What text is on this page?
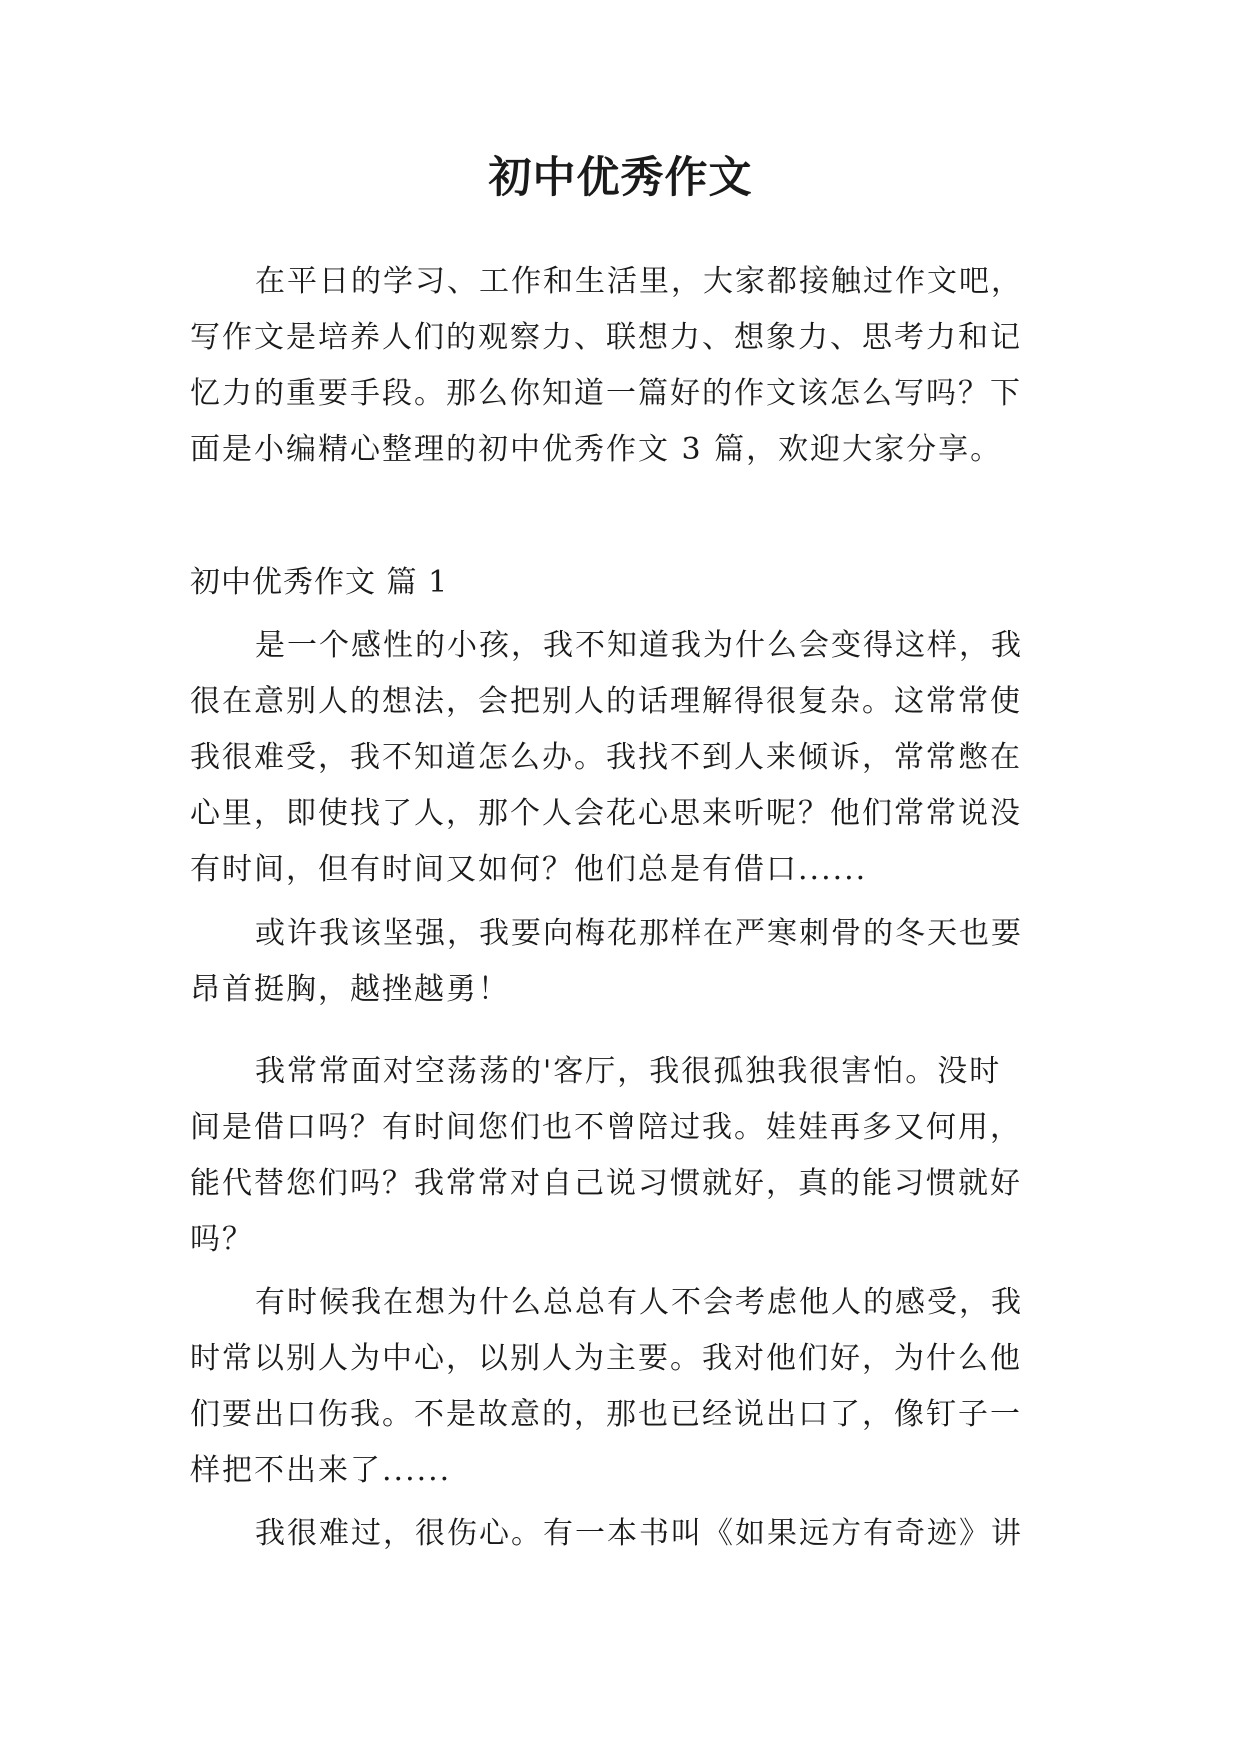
初中优秀作文
在平日的学习、工作和生活里，大家都接触过作文吧，
写作文是培养人们的观察力、联想力、想象力、思考力和记
忆力的重要手段。那么你知道一篇好的作文该怎么写吗？下
面是小编精心整理的初中优秀作文 3 篇，欢迎大家分享。
初中优秀作文 篇 1
是一个感性的小孩，我不知道我为什么会变得这样，我
很在意别人的想法，会把别人的话理解得很复杂。这常常使
我很难受，我不知道怎么办。我找不到人来倾诉，常常憋在
心里，即使找了人，那个人会花心思来听呢？他们常常说没
有时间，但有时间又如何？他们总是有借口......
或许我该坚强，我要向梅花那样在严寒刺骨的冬天也要
昂首挺胸，越挫越勇！
我常常面对空荡荡的'客厅，我很孤独我很害怕。没时
间是借口吗？有时间您们也不曾陪过我。娃娃再多又何用，
能代替您们吗？我常常对自己说习惯就好，真的能习惯就好
吗？
有时候我在想为什么总总有人不会考虑他人的感受，我
时常以别人为中心，以别人为主要。我对他们好，为什么他
们要出口伤我。不是故意的，那也已经说出口了，像钉子一
样把不出来了......
我很难过，很伤心。有一本书叫《如果远方有奇迹》讲
